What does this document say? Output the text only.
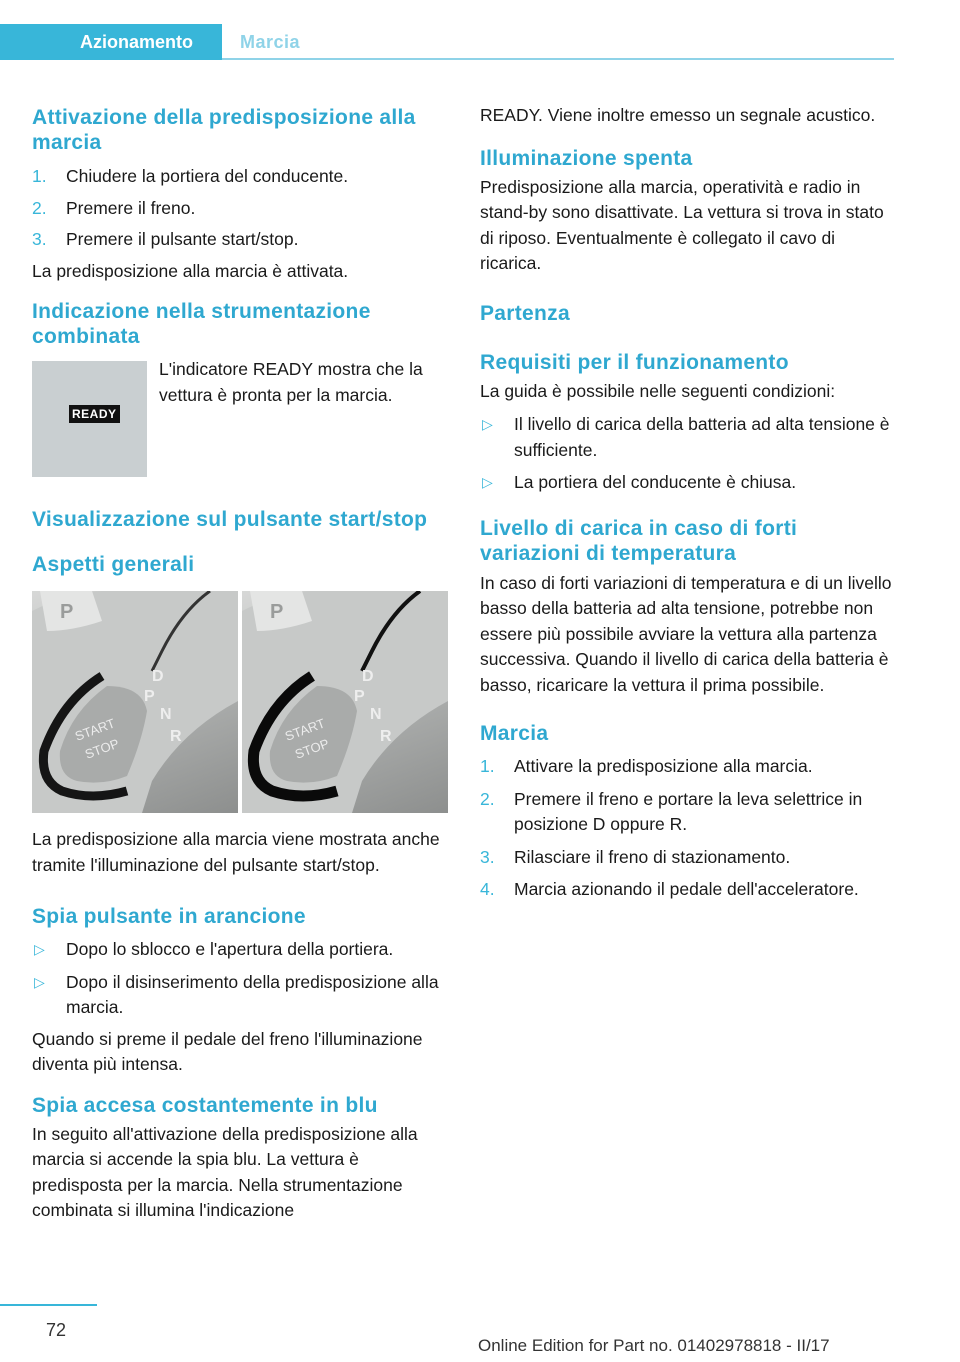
Azionamento	Marcia
Attivazione della predisposizione alla marcia
1. Chiudere la portiera del conducente.
2. Premere il freno.
3. Premere il pulsante start/stop.

La predisposizione alla marcia è attivata.

Indicazione nella strumentazione combinata
READY

L'indicatore READY mostra che la vettura è pronta per la marcia.

Visualizzazione sul pulsante start/stop
Aspetti generali
P
START
STOP
D
P
N
R
P
START
STOP
D
P
N
R

La predisposizione alla marcia viene mostrata anche tramite l'illuminazione del pulsante start/stop.

Spia pulsante in arancione
▷ Dopo lo sblocco e l'apertura della portiera.
▷ Dopo il disinserimento della predisposizione alla marcia.

Quando si preme il pedale del freno l'illuminazione diventa più intensa.

Spia accesa costantemente in blu

In seguito all'attivazione della predisposizione alla marcia si accende la spia blu. La vettura è predisposta per la marcia. Nella strumentazione combinata si illumina l'indicazione

READY. Viene inoltre emesso un segnale acustico.

Illuminazione spenta

Predisposizione alla marcia, operatività e radio in stand-by sono disattivate. La vettura si trova in stato di riposo. Eventualmente è collegato il cavo di ricarica.

Partenza
Requisiti per il funzionamento

La guida è possibile nelle seguenti condizioni:

▷ Il livello di carica della batteria ad alta tensione è sufficiente.
▷ La portiera del conducente è chiusa.
Livello di carica in caso di forti variazioni di temperatura

In caso di forti variazioni di temperatura e di un livello basso della batteria ad alta tensione, potrebbe non essere più possibile avviare la vettura alla partenza successiva. Quando il livello di carica della batteria è basso, ricaricare la vettura il prima possibile.

Marcia
1. Attivare la predisposizione alla marcia.
2. Premere il freno e portare la leva selettrice in posizione D oppure R.
3. Rilasciare il freno di stazionamento.
4. Marcia azionando il pedale dell'acceleratore.
72
Online Edition for Part no. 01402978818 - II/17
